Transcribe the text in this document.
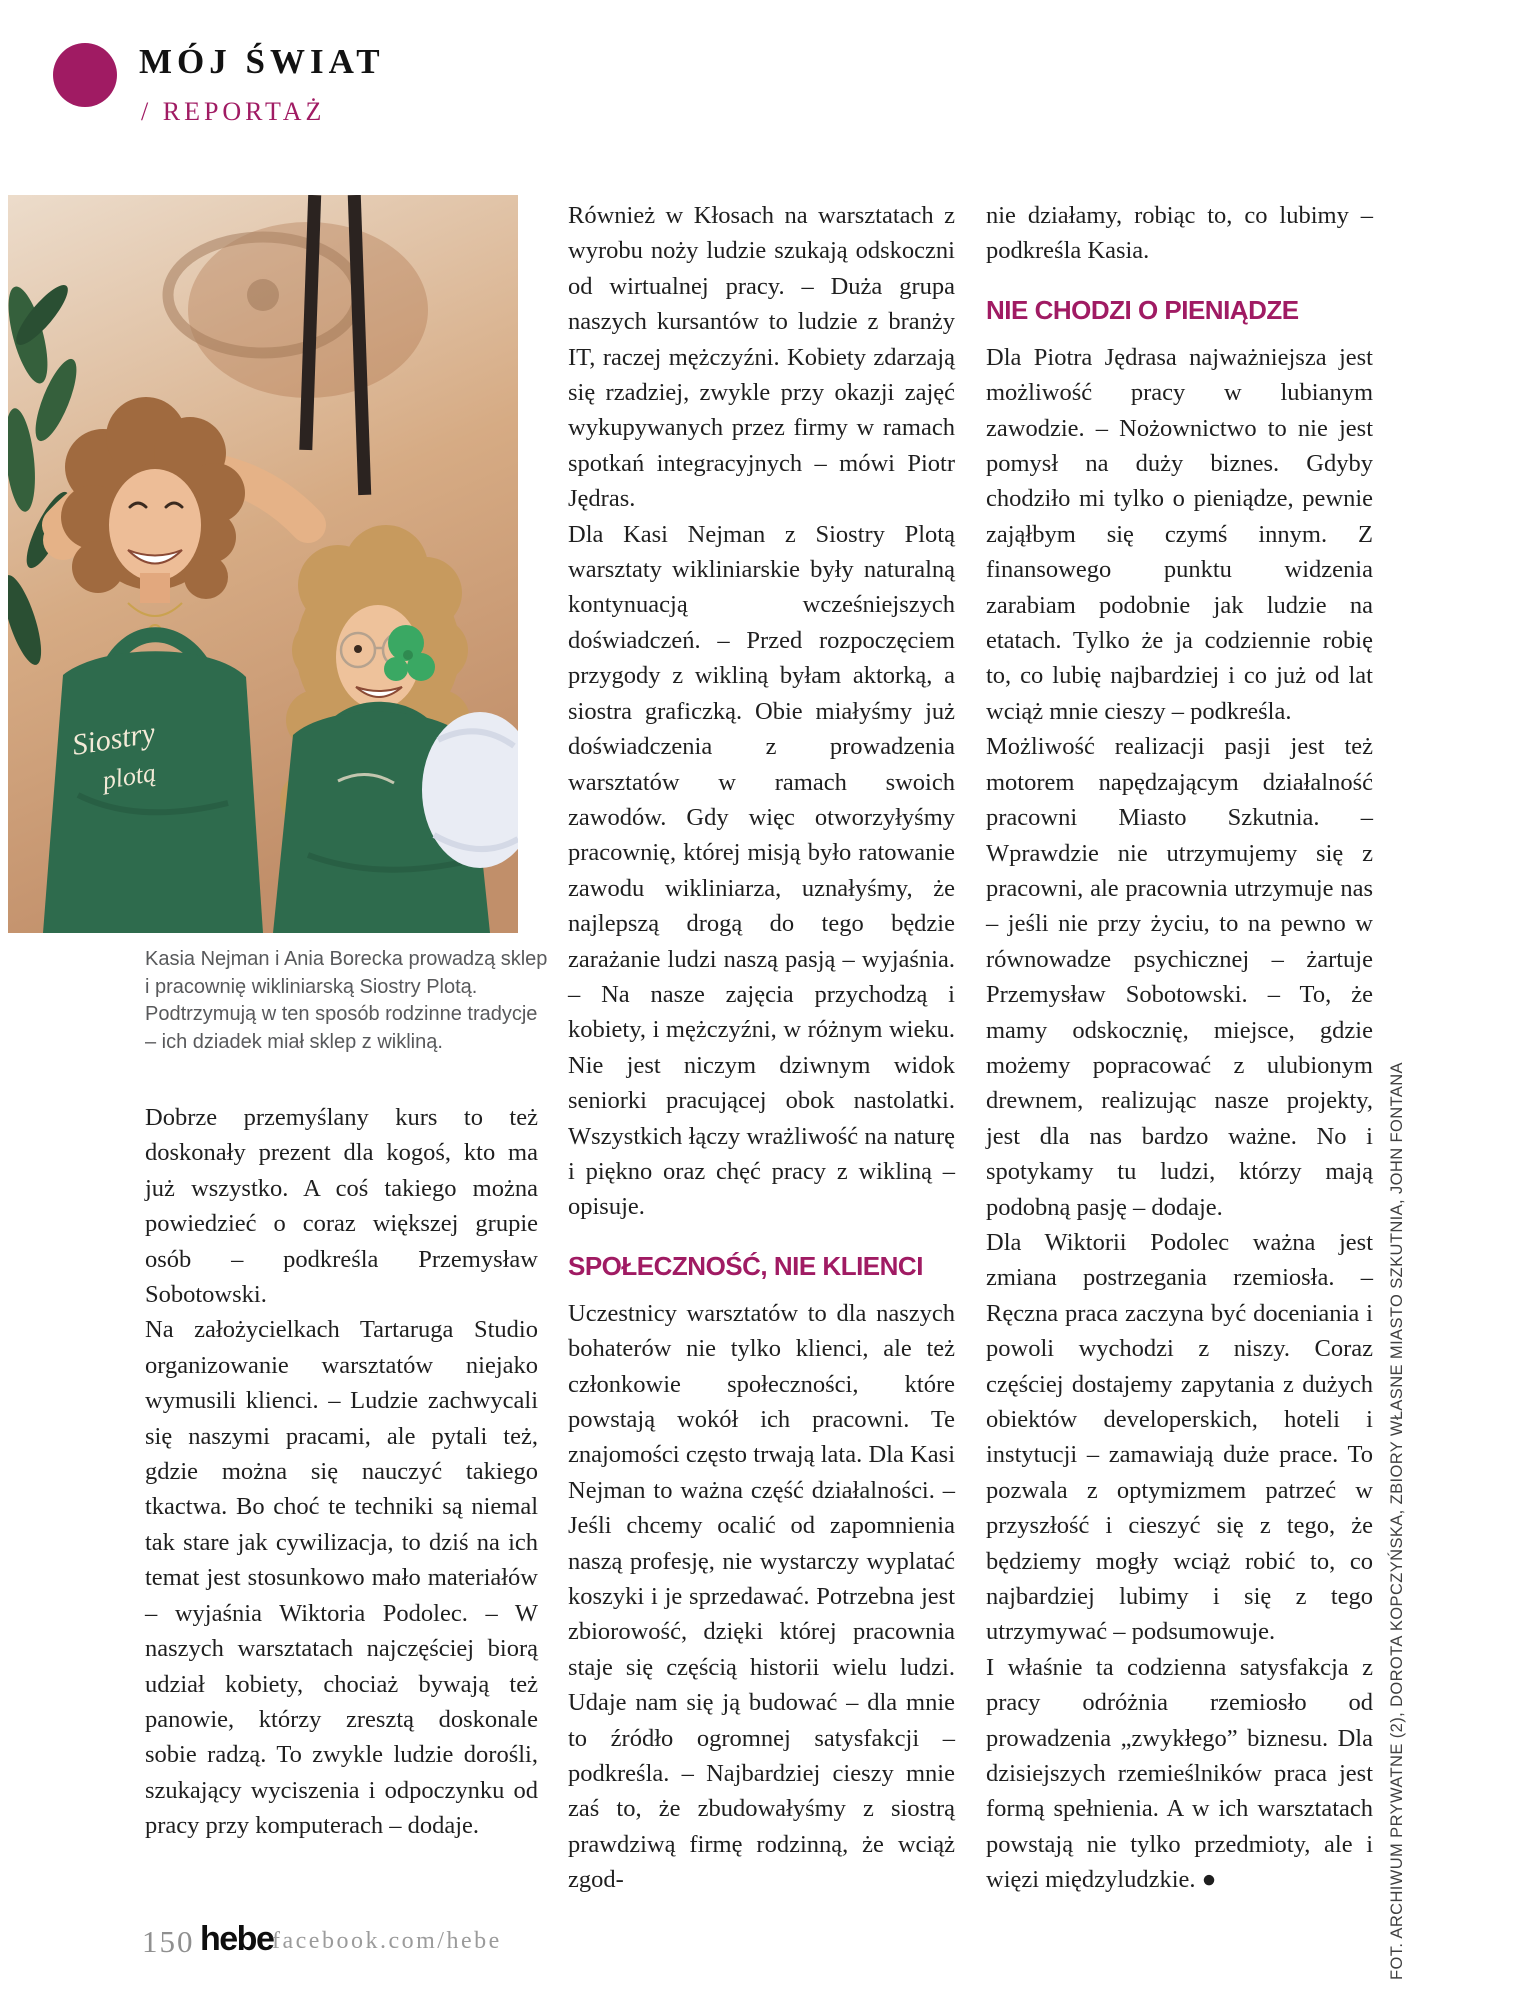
MÓJ ŚWIAT
/ REPORTAŻ
Siostry
plotą
Kasia Nejman i Ania Borecka prowadzą sklep i pracownię wikliniarską Siostry Plotą. Podtrzymują w ten sposób rodzinne tradycje – ich dziadek miał sklep z wikliną.

Dobrze przemyślany kurs to też doskonały prezent dla kogoś, kto ma już wszystko. A coś takiego można powiedzieć o coraz większej grupie osób – podkreśla Przemysław Sobotowski.

Na założycielkach Tartaruga Studio organizowanie warsztatów niejako wymusili klienci. – Ludzie zachwycali się naszymi pracami, ale pytali też, gdzie można się nauczyć takiego tkactwa. Bo choć te techniki są niemal tak stare jak cywilizacja, to dziś na ich temat jest stosunkowo mało materiałów – wyjaśnia Wiktoria Podolec. – W naszych warsztatach najczęściej biorą udział kobiety, chociaż bywają też panowie, którzy zresztą doskonale sobie radzą. To zwykle ludzie dorośli, szukający wyciszenia i odpoczynku od pracy przy komputerach – dodaje.

Również w Kłosach na warsztatach z wyrobu noży ludzie szukają odskoczni od wirtualnej pracy. – Duża grupa naszych kursantów to ludzie z branży IT, raczej mężczyźni. Kobiety zdarzają się rzadziej, zwykle przy okazji zajęć wykupywanych przez firmy w ramach spotkań integracyjnych – mówi Piotr Jędras.

Dla Kasi Nejman z Siostry Plotą warsztaty wikliniarskie były naturalną kontynuacją wcześniejszych doświadczeń. – Przed rozpoczęciem przygody z wikliną byłam aktorką, a siostra graficzką. Obie miałyśmy już doświadczenia z prowadzenia warsztatów w ramach swoich zawodów. Gdy więc otworzyłyśmy pracownię, której misją było ratowanie zawodu wikliniarza, uznałyśmy, że najlepszą drogą do tego będzie zarażanie ludzi naszą pasją – wyjaśnia. – Na nasze zajęcia przychodzą i kobiety, i mężczyźni, w różnym wieku. Nie jest niczym dziwnym widok seniorki pracującej obok nastolatki. Wszystkich łączy wrażliwość na naturę i piękno oraz chęć pracy z wikliną – opisuje.

SPOŁECZNOŚĆ, NIE KLIENCI

Uczestnicy warsztatów to dla naszych bohaterów nie tylko klienci, ale też członkowie społeczności, które powstają wokół ich pracowni. Te znajomości często trwają lata. Dla Kasi Nejman to ważna część działalności. – Jeśli chcemy ocalić od zapomnienia naszą profesję, nie wystarczy wyplatać koszyki i je sprzedawać. Potrzebna jest zbiorowość, dzięki której pracownia staje się częścią historii wielu ludzi. Udaje nam się ją budować – dla mnie to źródło ogromnej satysfakcji – podkreśla. – Najbardziej cieszy mnie zaś to, że zbudowałyśmy z siostrą prawdziwą firmę rodzinną, że wciąż zgod-

nie działamy, robiąc to, co lubimy – podkreśla Kasia.

NIE CHODZI O PIENIĄDZE

Dla Piotra Jędrasa najważniejsza jest możliwość pracy w lubianym zawodzie. – Nożownictwo to nie jest pomysł na duży biznes. Gdyby chodziło mi tylko o pieniądze, pewnie zająłbym się czymś innym. Z finansowego punktu widzenia zarabiam podobnie jak ludzie na etatach. Tylko że ja codziennie robię to, co lubię najbardziej i co już od lat wciąż mnie cieszy – podkreśla.

Możliwość realizacji pasji jest też motorem napędzającym działalność pracowni Miasto Szkutnia. – Wprawdzie nie utrzymujemy się z pracowni, ale pracownia utrzymuje nas – jeśli nie przy życiu, to na pewno w równowadze psychicznej – żartuje Przemysław Sobotowski. – To, że mamy odskocznię, miejsce, gdzie możemy popracować z ulubionym drewnem, realizując nasze projekty, jest dla nas bardzo ważne. No i spotykamy tu ludzi, którzy mają podobną pasję – dodaje.

Dla Wiktorii Podolec ważna jest zmiana postrzegania rzemiosła. – Ręczna praca zaczyna być doceniania i powoli wychodzi z niszy. Coraz częściej dostajemy zapytania z dużych obiektów developerskich, hoteli i instytucji – zamawiają duże prace. To pozwala z optymizmem patrzeć w przyszłość i cieszyć się z tego, że będziemy mogły wciąż robić to, co najbardziej lubimy i się z tego utrzymywać – podsumowuje.

I właśnie ta codzienna satysfakcja z pracy odróżnia rzemiosło od prowadzenia „zwykłego” biznesu. Dla dzisiejszych rzemieślników praca jest formą spełnienia. A w ich warsztatach powstają nie tylko przedmioty, ale i więzi międzyludzkie. ●	FOT. ARCHIWUM PRYWATNE (2), DOROTA KOPCZYŃSKA, ZBIORY WŁASNE MIASTO SZKUTNIA, JOHN FONTANA
150 hebe
facebook.com/hebe
